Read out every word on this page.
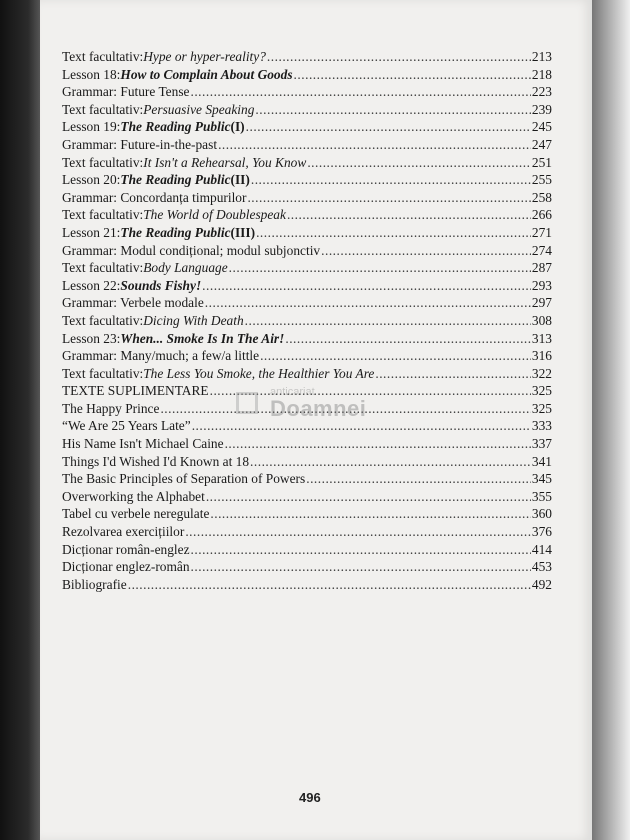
Text facultativ: Hype or hyper-reality? .....	213
Lesson 18: How to Complain About Goods .....	218
Grammar: Future Tense .....	223
Text facultativ: Persuasive Speaking .....	239
Lesson 19: The Reading Public (I) .....	245
Grammar: Future-in-the-past .....	247
Text facultativ: It Isn't a Rehearsal, You Know .....	251
Lesson 20: The Reading Public (II) .....	255
Grammar: Concordanța timpurilor .....	258
Text facultativ: The World of Doublespeak .....	266
Lesson 21: The Reading Public (III) .....	271
Grammar: Modul condițional; modul subjonctiv .....	274
Text facultativ: Body Language .....	287
Lesson 22: Sounds Fishy! .....	293
Grammar: Verbele modale .....	297
Text facultativ: Dicing With Death .....	308
Lesson 23: When... Smoke Is In The Air! .....	313
Grammar: Many/much; a few/a little .....	316
Text facultativ: The Less You Smoke, the Healthier You Are .....	322
TEXTE SUPLIMENTARE .....	325
The Happy Prince .....	325
“We Are 25 Years Late” .....	333
His Name Isn't Michael Caine .....	337
Things I'd Wished I'd Known at 18 .....	341
The Basic Principles of Separation of Powers .....	345
Overworking the Alphabet .....	355
Tabel cu verbele neregulate .....	360
Rezolvarea exercițiilor .....	376
Dicționar român-englez .....	414
Dicționar englez-român .....	453
Bibliografie .....	492
anticariat
Doamnei
496
